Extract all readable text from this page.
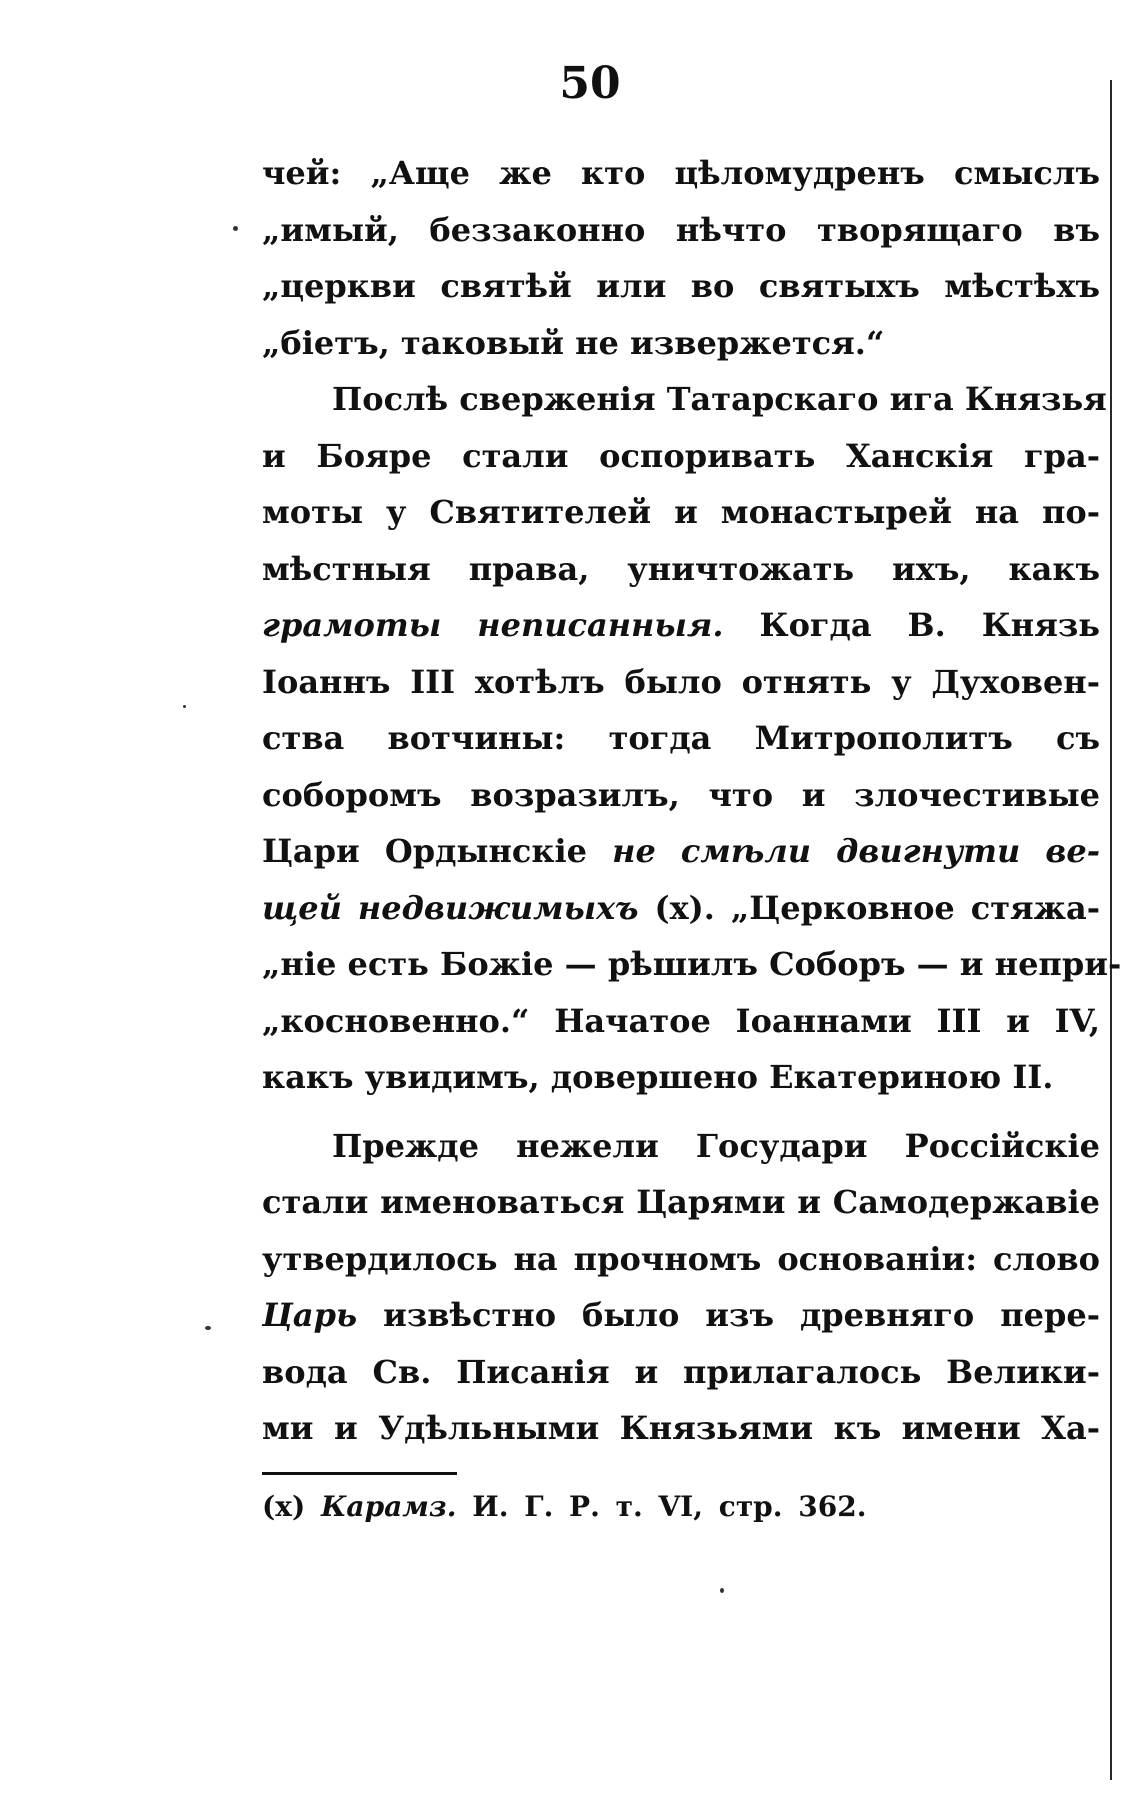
50
чей: „Аще же кто цѣломудренъ смыслъ
„имый, беззаконно нѣчто творящаго въ
„церкви святѣй или во святыхъ мѣстѣхъ
„біетъ, таковый не извержется.“
Послѣ сверженія Татарскаго ига Князья
и Бояре стали оспоривать Ханскія гра-
моты у Святителей и монастырей на по-
мѣстныя права, уничтожать ихъ, какъ
грамоты неписанныя. Когда В. Князь
Іоаннъ III хотѣлъ было отнять у Духовен-
ства вотчины: тогда Митрополитъ съ
соборомъ возразилъ, что и злочестивые
Цари Ордынскіе не смѣли двигнути ве-
щей недвижимыхъ (х). „Церковное стяжа-
„ніе есть Божіе — рѣшилъ Соборъ — и непри-
„косновенно.“ Начатое Іоаннами III и IV,
какъ увидимъ, довершено Екатериною II.
Прежде нежели Государи Россійскіе
стали именоваться Царями и Самодержавіе
утвердилось на прочномъ основаніи: слово
Царь извѣстно было изъ древняго пере-
вода Св. Писанія и прилагалось Велики-
ми и Удѣльными Князьями къ имени Ха-
(х) Карамз. И. Г. Р. т. VI, стр. 362.
